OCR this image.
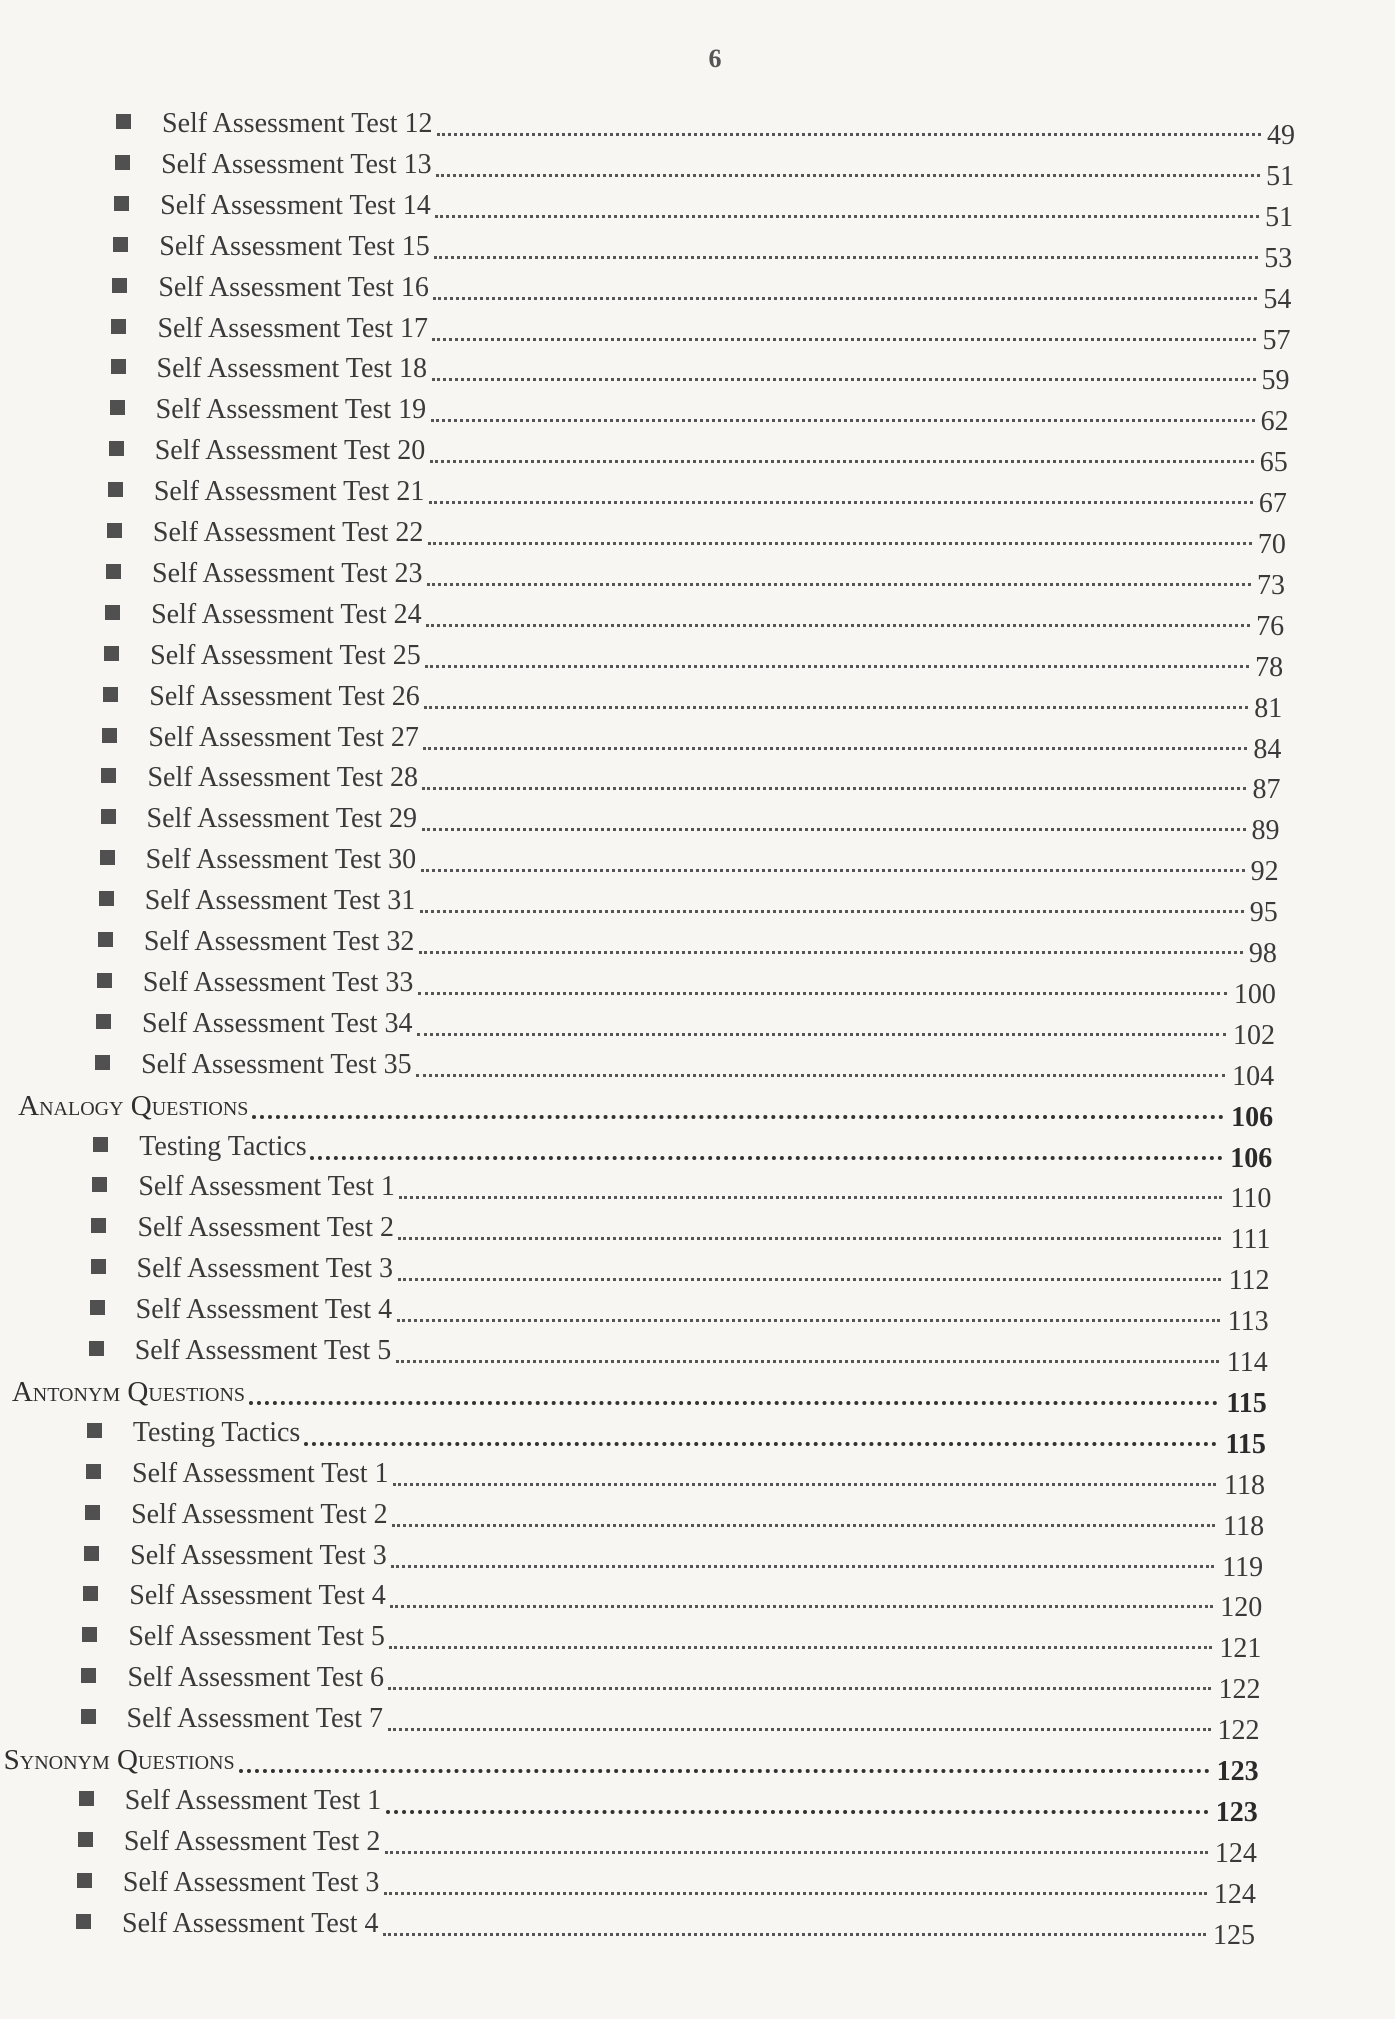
6
Self Assessment Test 12	49
Self Assessment Test 13	51
Self Assessment Test 14	51
Self Assessment Test 15	53
Self Assessment Test 16	54
Self Assessment Test 17	57
Self Assessment Test 18	59
Self Assessment Test 19	62
Self Assessment Test 20	65
Self Assessment Test 21	67
Self Assessment Test 22	70
Self Assessment Test 23	73
Self Assessment Test 24	76
Self Assessment Test 25	78
Self Assessment Test 26	81
Self Assessment Test 27	84
Self Assessment Test 28	87
Self Assessment Test 29	89
Self Assessment Test 30	92
Self Assessment Test 31	95
Self Assessment Test 32	98
Self Assessment Test 33	100
Self Assessment Test 34	102
Self Assessment Test 35	104
Analogy Questions	106
Testing Tactics	106
Self Assessment Test 1	110
Self Assessment Test 2	111
Self Assessment Test 3	112
Self Assessment Test 4	113
Self Assessment Test 5	114
Antonym Questions	115
Testing Tactics	115
Self Assessment Test 1	118
Self Assessment Test 2	118
Self Assessment Test 3	119
Self Assessment Test 4	120
Self Assessment Test 5	121
Self Assessment Test 6	122
Self Assessment Test 7	122
Synonym Questions	123
Self Assessment Test 1	123
Self Assessment Test 2	124
Self Assessment Test 3	124
Self Assessment Test 4	125
